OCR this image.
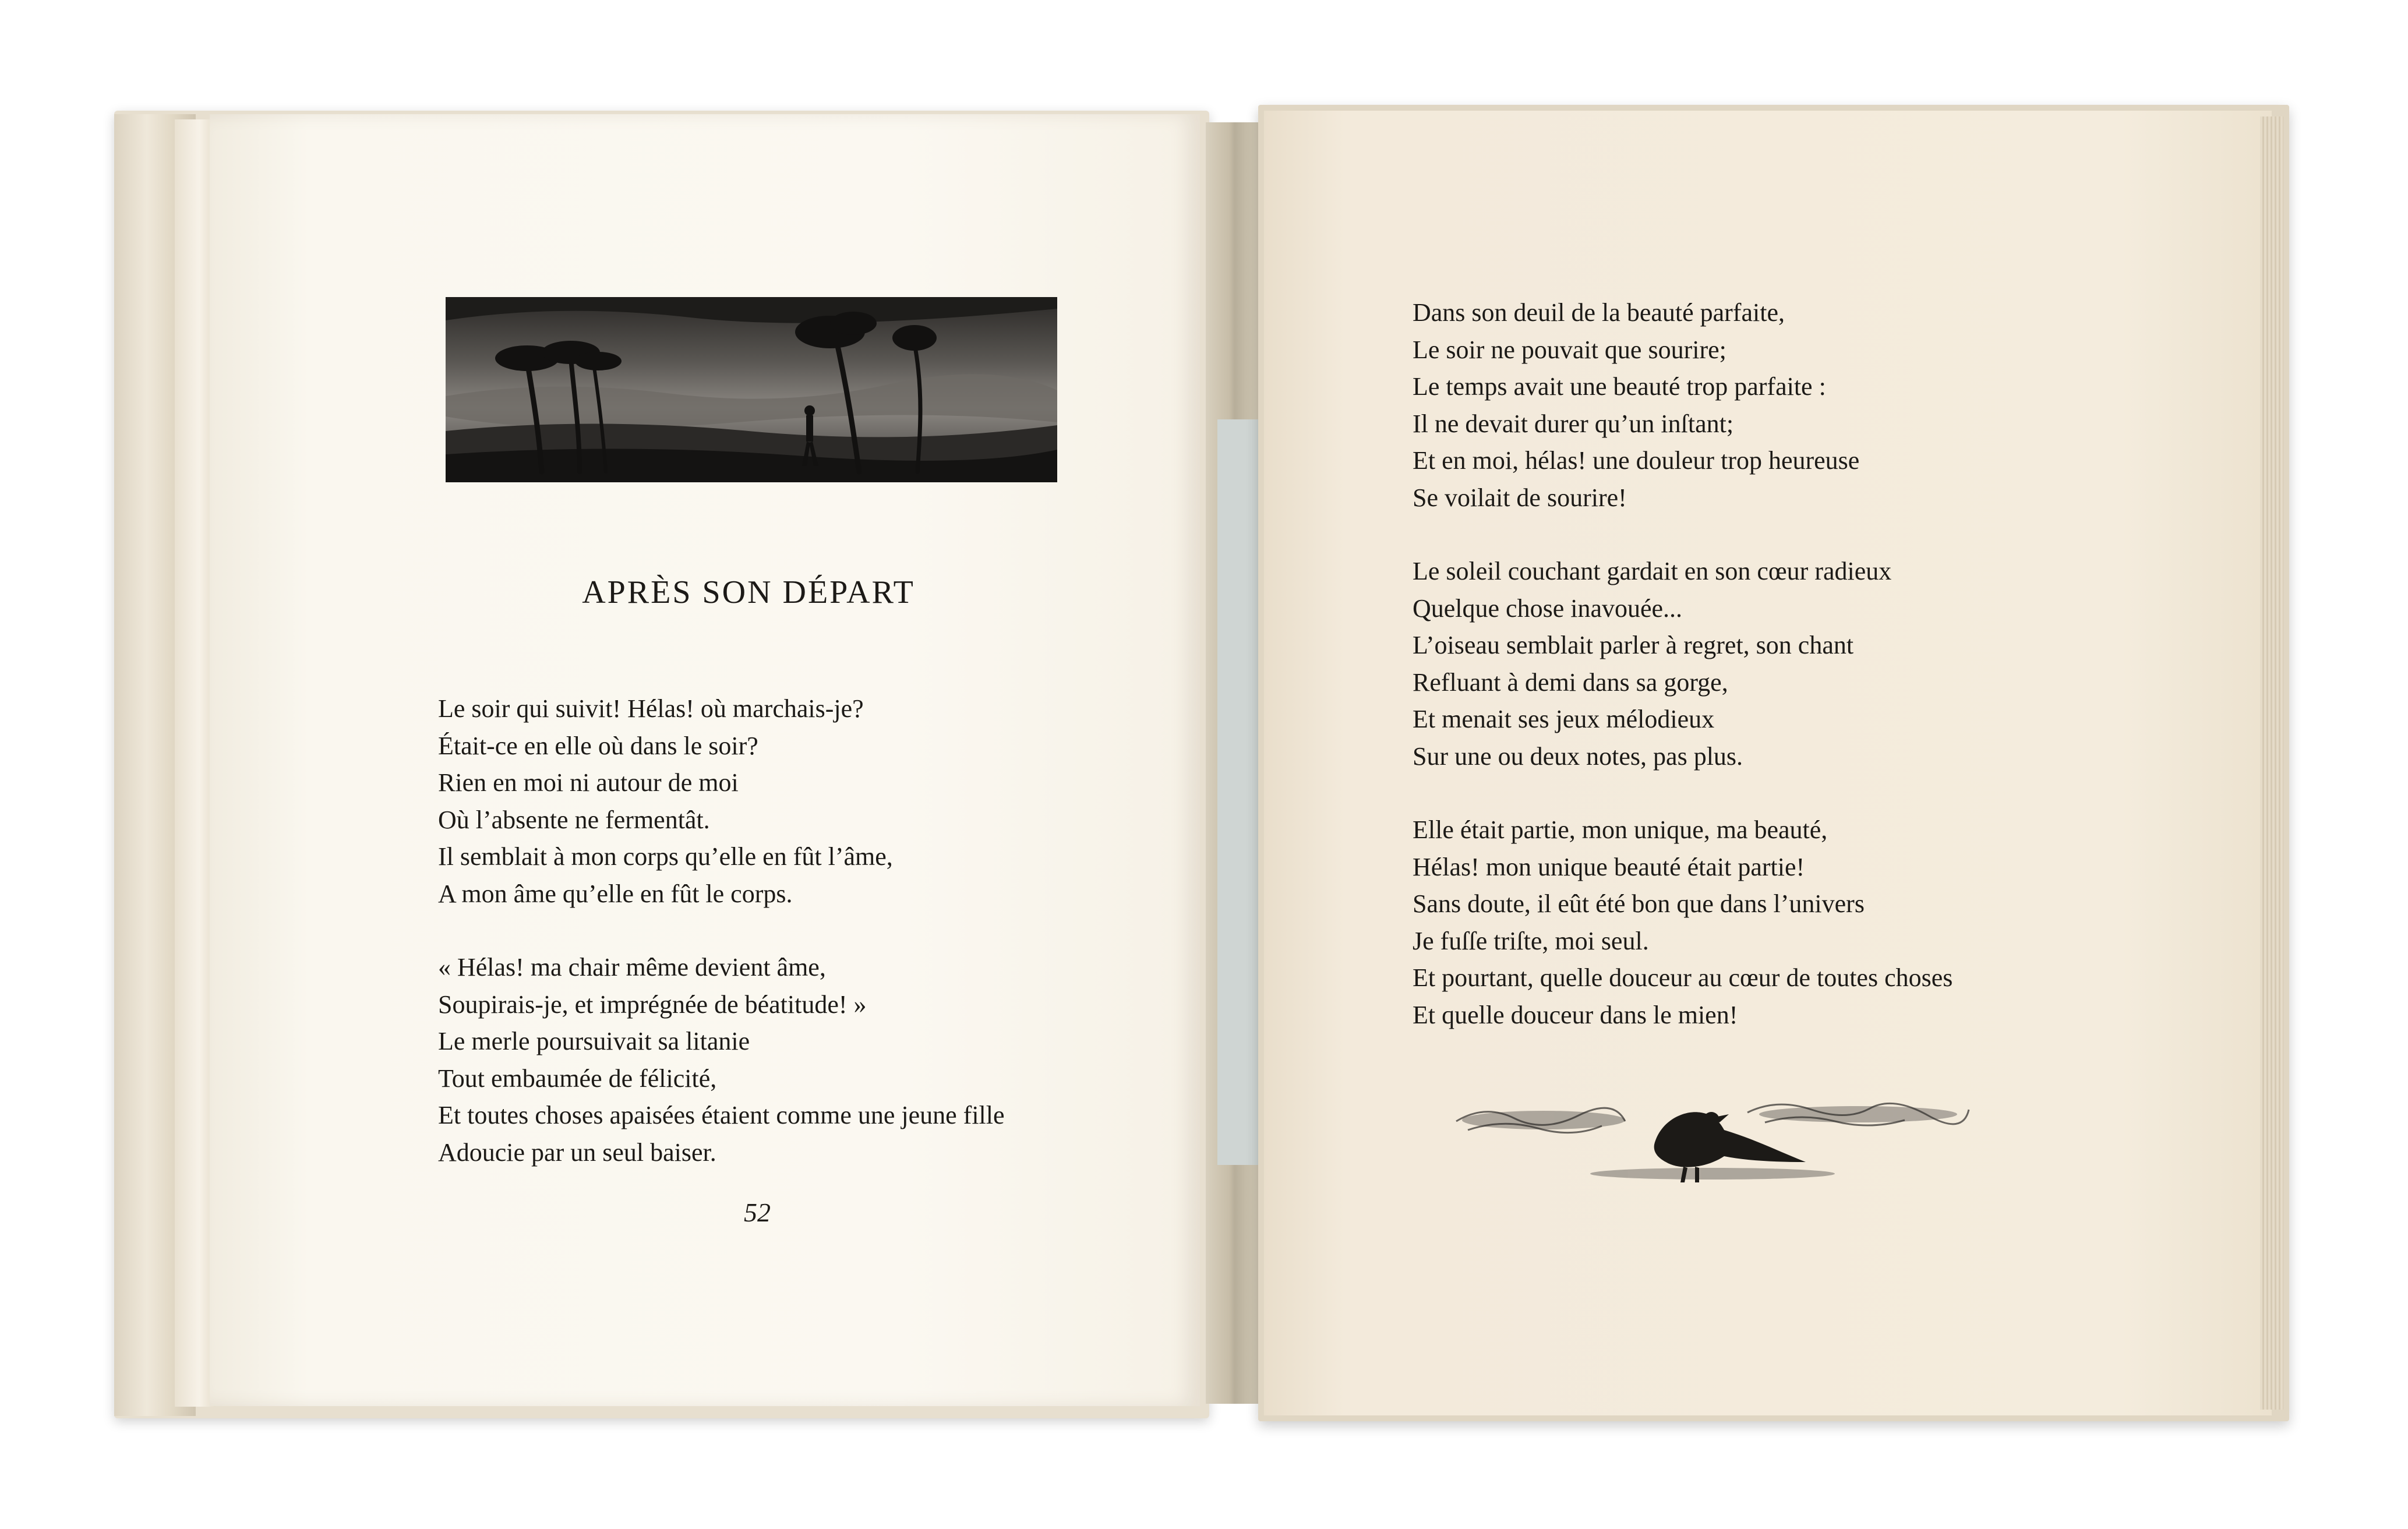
APRÈS SON DÉPART
Le soir qui suivit! Hélas! où marchais-je?
Était-ce en elle où dans le soir?
Rien en moi ni autour de moi
Où l’absente ne fermentât.
Il semblait à mon corps qu’elle en fût l’âme,
A mon âme qu’elle en fût le corps.
« Hélas! ma chair même devient âme,
Soupirais-je, et imprégnée de béatitude! »
Le merle poursuivait sa litanie
Tout embaumée de félicité,
Et toutes choses apaisées étaient comme une jeune fille
Adoucie par un seul baiser.
52
Dans son deuil de la beauté parfaite,
Le soir ne pouvait que sourire;
Le temps avait une beauté trop parfaite :
Il ne devait durer qu’un inſtant;
Et en moi, hélas! une douleur trop heureuse
Se voilait de sourire!
Le soleil couchant gardait en son cœur radieux
Quelque chose inavouée...
L’oiseau semblait parler à regret, son chant
Refluant à demi dans sa gorge,
Et menait ses jeux mélodieux
Sur une ou deux notes, pas plus.
Elle était partie, mon unique, ma beauté,
Hélas! mon unique beauté était partie!
Sans doute, il eût été bon que dans l’univers
Je fuſſe triſte, moi seul.
Et pourtant, quelle douceur au cœur de toutes choses
Et quelle douceur dans le mien!
